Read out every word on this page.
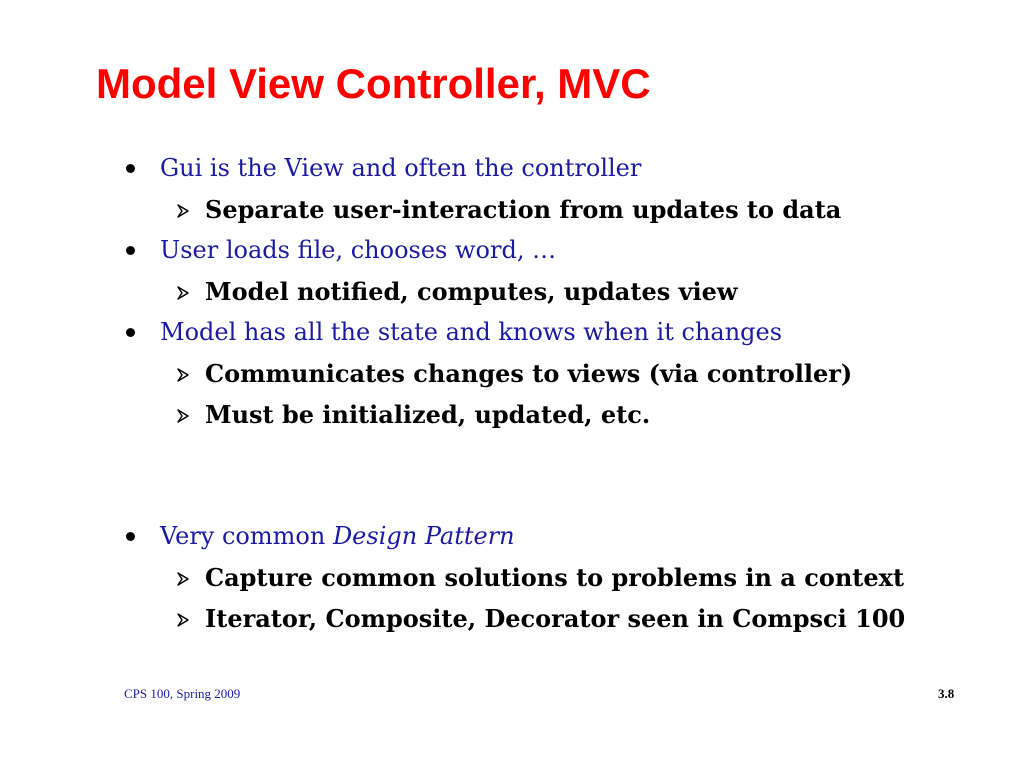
Model View Controller, MVC
Gui is the View and often the controller
Separate user-interaction from updates to data
User loads file, chooses word, …
Model notified, computes, updates view
Model has all the state and knows when it changes
Communicates changes to views (via controller)
Must be initialized, updated, etc.
Very common Design Pattern
Capture common solutions to problems in a context
Iterator, Composite, Decorator seen in Compsci 100
CPS 100, Spring 2009	3.8
